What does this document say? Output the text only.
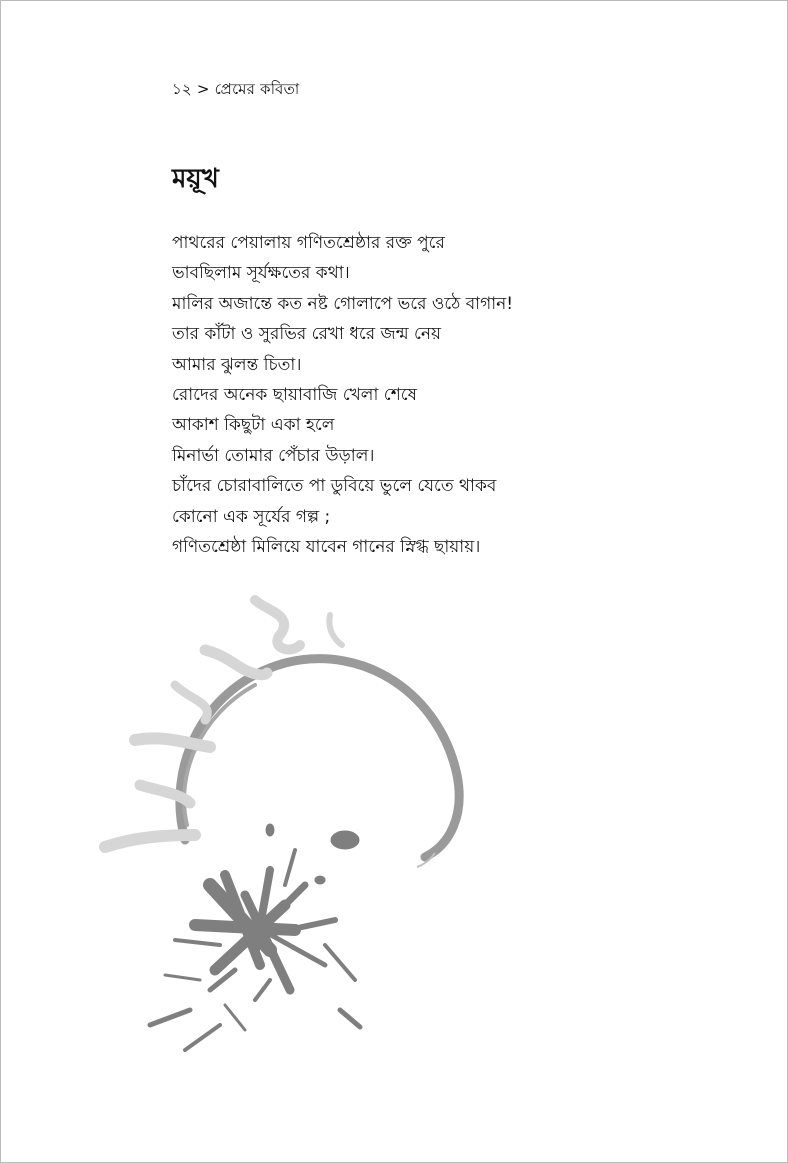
১২ > প্রেমের কবিতা
ময়ূখ
পাথরের পেয়ালায় গণিতশ্রেষ্ঠার রক্ত পুরে
ভাবছিলাম সূর্যক্ষতের কথা।
মালির অজান্তে কত নষ্ট গোলাপে ভরে ওঠে বাগান!
তার কাঁটা ও সুরভির রেখা ধরে জন্ম নেয়
আমার ঝুলন্ত চিতা।
রোদের অনেক ছায়াবাজি খেলা শেষে
আকাশ কিছুটা একা হলে
মিনার্ভা তোমার পেঁচার উড়াল।
চাঁদের চোরাবালিতে পা ডুবিয়ে ভুলে যেতে থাকব
কোনো এক সূর্যের গল্প ;
গণিতশ্রেষ্ঠা মিলিয়ে যাবেন গানের স্নিগ্ধ ছায়ায়।
